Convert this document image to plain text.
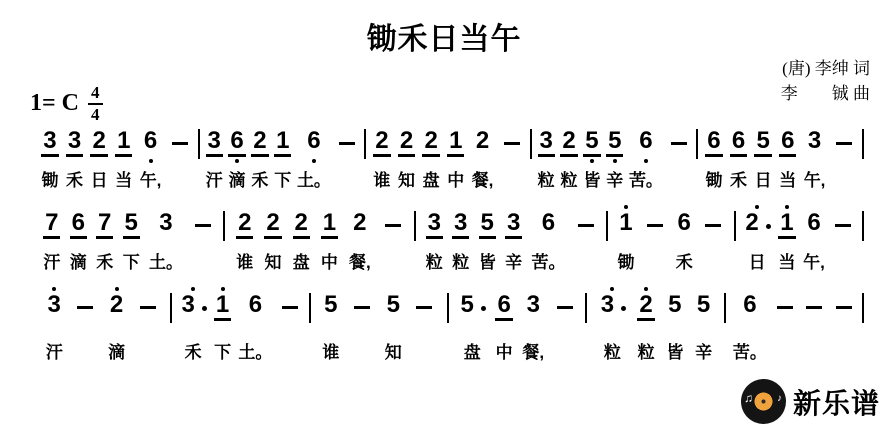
锄禾日当午
(唐) 李绅 词
李　　铖 曲
1= C $\frac{4}{4}$
3
锄
3
禾
2
日
1
当
6
午,
3
汗
6
滴
2
禾
1
下
6
土。
2
谁
2
知
2
盘
1
中
2
餐,
3
粒
2
粒
5
皆
5
辛
6
苦。
6
锄
6
禾
5
日
6
当
3
午,
7
汗
6
滴
7
禾
5
下
3
土。
2
谁
2
知
2
盘
1
中
2
餐,
3
粒
3
粒
5
皆
3
辛
6
苦。
1
锄
6
禾
2
日
1
当
6
午,
3
汗
2
滴
3
禾
1
下
6
土。
5
谁
5
知
5
盘
6
中
3
餐,
3
粒
2
粒
5
皆
5
辛
6
苦。
♫ ♪ 新乐谱
